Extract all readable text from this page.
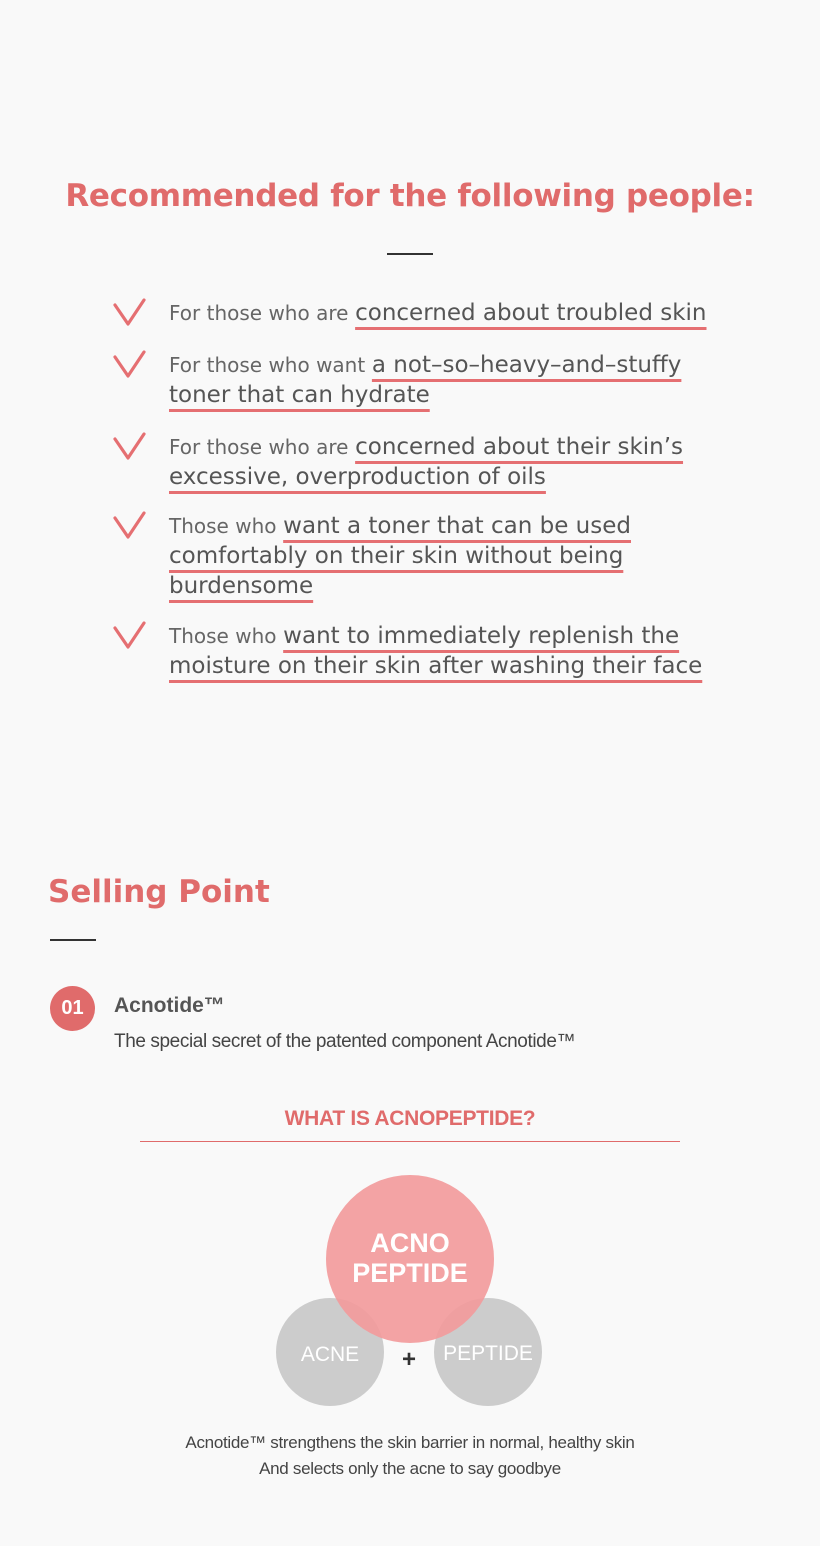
Recommended for the following people:

For those who are concerned about troubled skin

For those who want a not–so–heavy–and–stuffy toner that can hydrate

For those who are concerned about their skin’s excessive, overproduction of oils

Those who want a toner that can be used comfortably on their skin without being burdensome

Those who want to immediately replenish the moisture on their skin after washing their face

Selling Point
01	Acnotide™
The special secret of the patented component Acnotide™
WHAT IS ACNOPEPTIDE?
ACNO
PEPTIDE
ACNE	PEPTIDE
+
Acnotide™ strengthens the skin barrier in normal, healthy skin
And selects only the acne to say goodbye
